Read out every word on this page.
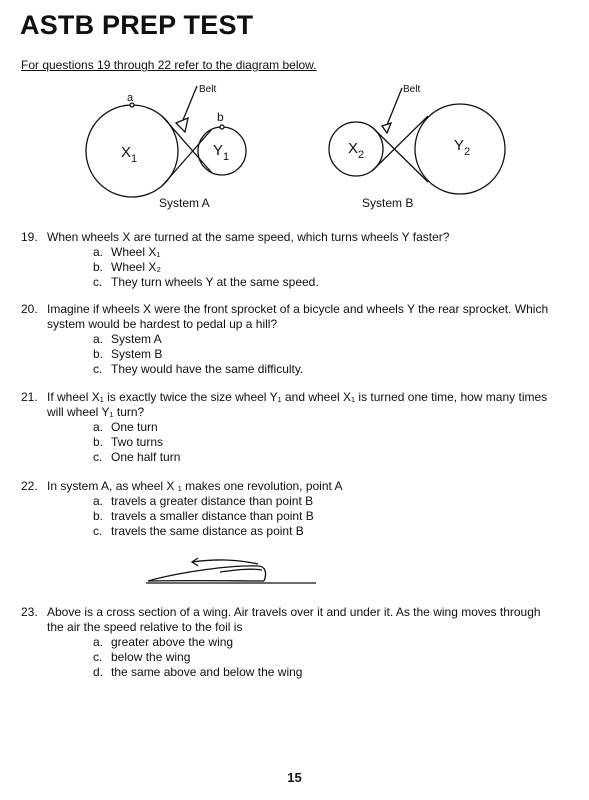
ASTB PREP TEST
For questions 19 through 22 refer to the diagram below.
Belt	Belt
a
b
$X_1$	$Y_1$	$X_2$
$Y_2$
System A	System B
19. When wheels X are turned at the same speed, which turns wheels Y faster?
a. Wheel X₁
b. Wheel X₂
c. They turn wheels Y at the same speed.
20. Imagine if wheels X were the front sprocket of a bicycle and wheels Y the rear sprocket. Which
system would be hardest to pedal up a hill?
a. System A
b. System B
c. They would have the same difficulty.
21. If wheel X₁ is exactly twice the size wheel Y₁ and wheel X₁ is turned one time, how many times
will wheel Y₁ turn?
a. One turn
b. Two turns
c. One half turn
22. In system A, as wheel X ₁ makes one revolution, point A
a. travels a greater distance than point B
b. travels a smaller distance than point B
c. travels the same distance as point B
23. Above is a cross section of a wing. Air travels over it and under it. As the wing moves through
the air the speed relative to the foil is
a. greater above the wing
c. below the wing
d. the same above and below the wing
15
